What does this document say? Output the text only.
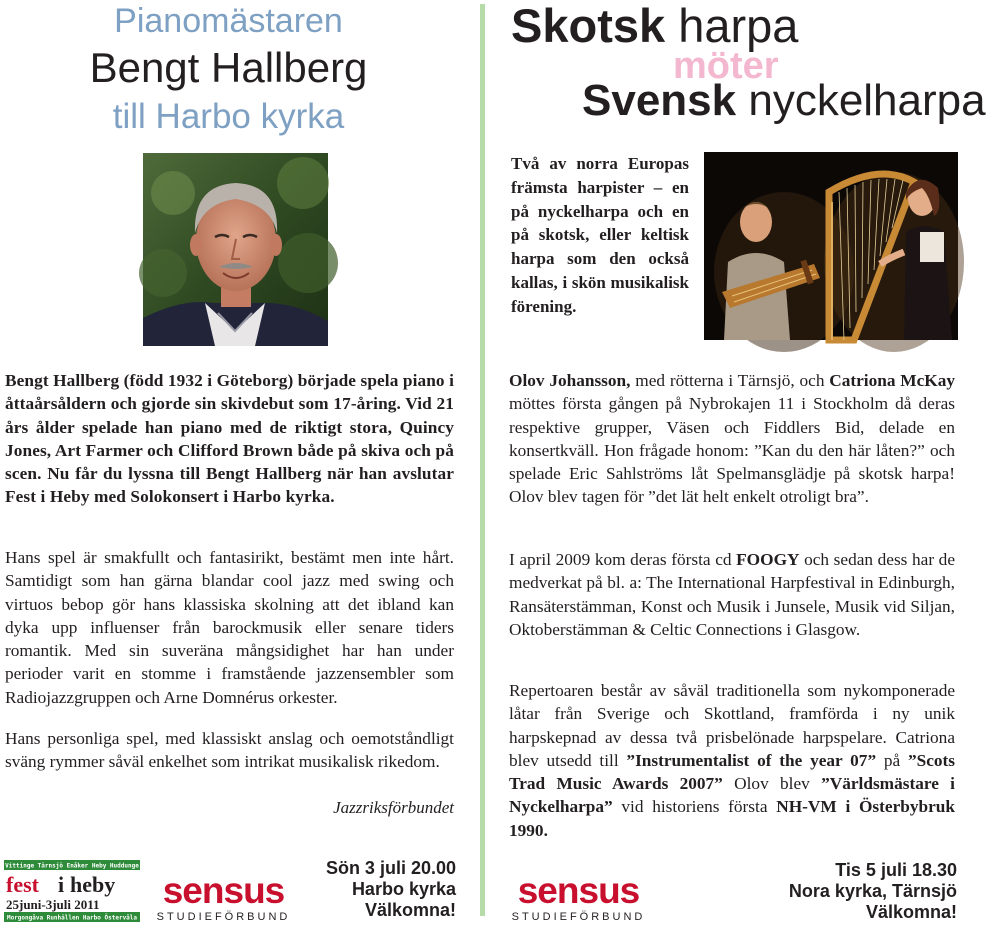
Pianomästaren
Bengt Hallberg
till Harbo kyrka
Skotsk harpa
möter
Svensk nyckelharpa
Två av norra Europas främsta harpister – en på nyckelharpa och en på skotsk, eller keltisk harpa som den också kallas, i skön musikalisk förening.
Bengt Hallberg (född 1932 i Göteborg) började spela piano i åttaårsåldern och gjorde sin skivdebut som 17-åring. Vid 21 års ålder spelade han piano med de riktigt stora, Quincy Jones, Art Farmer och Clifford Brown både på skiva och på scen. Nu får du lyssna till Bengt Hallberg när han avslutar Fest i Heby med Solokonsert i Harbo kyrka.
Hans spel är smakfullt och fantasirikt, bestämt men inte hårt. Samtidigt som han gärna blandar cool jazz med swing och virtuos bebop gör hans klassiska skolning att det ibland kan dyka upp influenser från barockmusik eller senare tiders romantik. Med sin suveräna mångsidighet har han under perioder varit en stomme i framstående jazzensembler som Radiojazzgruppen och Arne Domnérus orkester.
Hans personliga spel, med klassiskt anslag och oemotståndligt sväng rymmer såväl enkelhet som intrikat musikalisk rikedom.
Jazzriksförbundet
Olov Johansson, med rötterna i Tärnsjö, och Catriona McKay möttes första gången på Nybrokajen 11 i Stockholm då deras respektive grupper, Väsen och Fiddlers Bid, delade en konsertkväll. Hon frågade honom: ”Kan du den här låten?” och spelade Eric Sahlströms låt Spelmansglädje på skotsk harpa! Olov blev tagen för ”det lät helt enkelt otroligt bra”.
I april 2009 kom deras första cd FOOGY och sedan dess har de medverkat på bl. a: The International Harpfestival in Edinburgh, Ransäterstämman, Konst och Musik i Junsele, Musik vid Siljan, Oktoberstämman & Celtic Connections i Glasgow.
Repertoaren består av såväl traditionella som nykomponerade låtar från Sverige och Skottland, framförda i ny unik harpskepnad av dessa två prisbelönade harpspelare. Catriona blev utsedd till ”Instrumentalist of the year 07” på ”Scots Trad Music Awards 2007” Olov blev ”Världsmästare i Nyckelharpa” vid historiens första NH-VM i Österbybruk 1990.
Vittinge Tärnsjö Enåker Heby Huddunge
fest i heby
25juni-3juli 2011
Morgongåva Runhällen Harbo Östervåla
sensus
STUDIEFÖRBUND
Sön 3 juli 20.00
Harbo kyrka
Välkomna! sensus
STUDIEFÖRBUND
Tis 5 juli 18.30
Nora kyrka, Tärnsjö
Välkomna!
